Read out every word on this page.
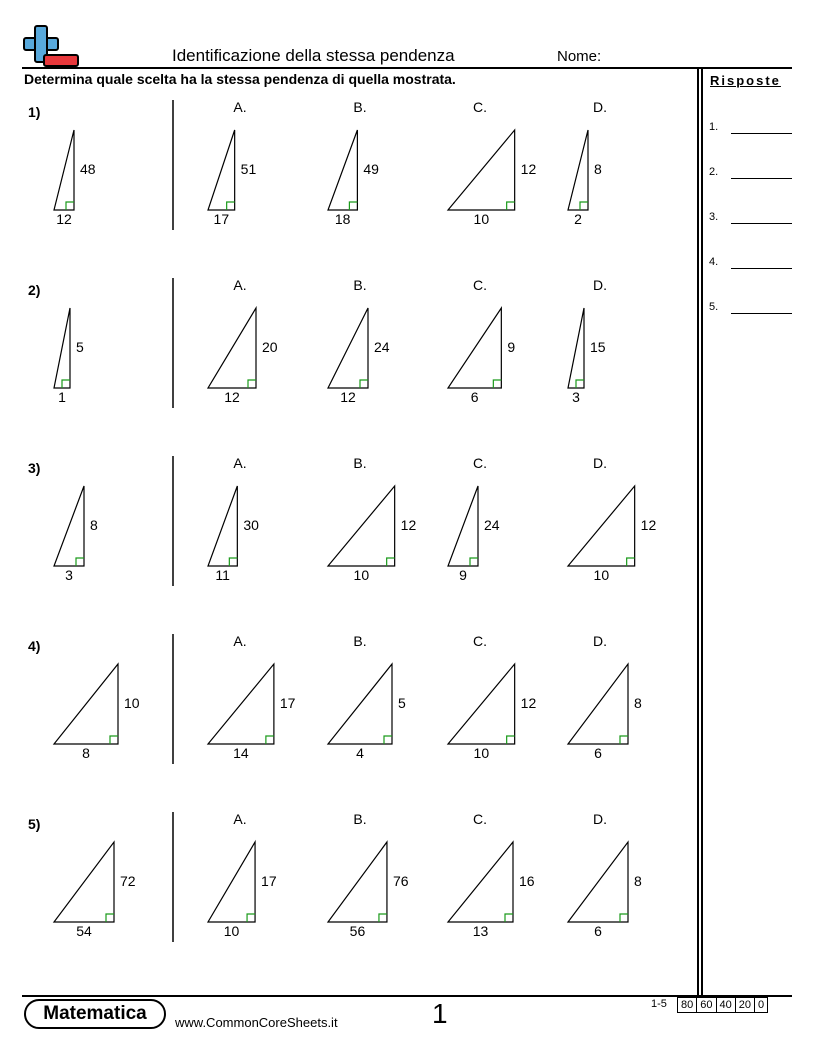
Identificazione della stessa pendenza	Nome:
Determina quale scelta ha la stessa pendenza di quella mostrata.	Risposte
1.
2.
3.
4.
5.
1)
48
12
A.
51
17
B.
49
18
C.
12
10
D.
8
2
2)
5
1
A.
20
12
B.
24
12
C.
9
6
D.
15
3
3)
8
3
A.
30
11
B.
12
10
C.
24
9
D.
12
10
4)
10
8
A.
17
14
B.
5
4
C.
12
10
D.
8
6
5)
72
54
A.
17
10
B.
76
56
C.
16
13
D.
8
6
Matematica	www.CommonCoreSheets.it	1	1-5 80 60 40 20 0
